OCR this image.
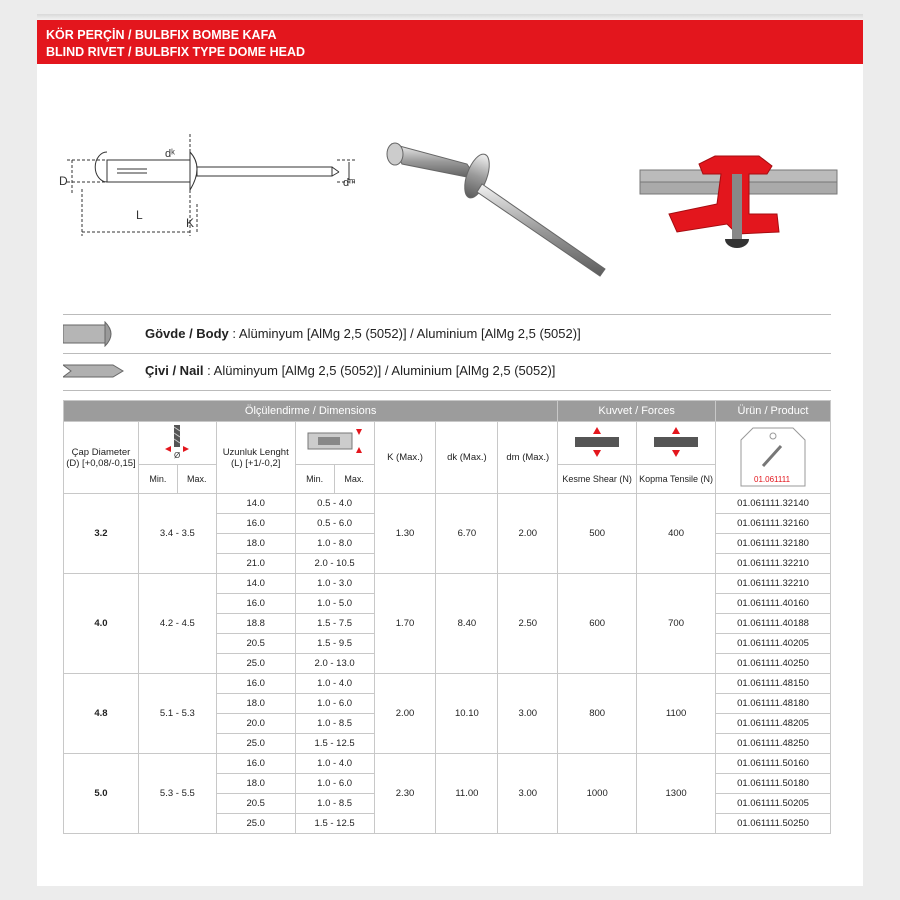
KÖR PERÇİN / BULBFIX BOMBE KAFA
BLIND RIVET / BULBFIX TYPE DOME HEAD
D
dᵏ
dᵐ
L
K
Gövde / Body : Alüminyum [AlMg 2,5 (5052)] / Aluminium [AlMg 2,5 (5052)]
Çivi / Nail : Alüminyum [AlMg 2,5 (5052)] / Aluminium [AlMg 2,5 (5052)]
Ölçülendirme / Dimensions									Kuvvet / Forces		Ürün / Product
Çap Diameter (D) [+0,08/-0,15]	Ø		Uzunluk Lenght (L) [+1/-0,2]			K (Max.)	dk (Max.)	dm (Max.)			01.061111

	Min.	Max.		Min.	Max.				Kesme Shear (N)	Kopma Tensile (N)	
3.2	3.4 - 3.5		14.0	0.5 - 4.0		1.30	6.70	2.00	500	400	01.061111.32140
			16.0	0.5 - 6.0							01.061111.32160
			18.0	1.0 - 8.0							01.061111.32180
			21.0	2.0 - 10.5							01.061111.32210
4.0	4.2 - 4.5		14.0	1.0 - 3.0		1.70	8.40	2.50	600	700	01.061111.32210
			16.0	1.0 - 5.0							01.061111.40160
			18.8	1.5 - 7.5							01.061111.40188
			20.5	1.5 - 9.5							01.061111.40205
			25.0	2.0 - 13.0							01.061111.40250
4.8	5.1 - 5.3		16.0	1.0 - 4.0		2.00	10.10	3.00	800	1100	01.061111.48150
			18.0	1.0 - 6.0							01.061111.48180
			20.0	1.0 - 8.5							01.061111.48205
			25.0	1.5 - 12.5							01.061111.48250
5.0	5.3 - 5.5		16.0	1.0 - 4.0		2.30	11.00	3.00	1000	1300	01.061111.50160
			18.0	1.0 - 6.0							01.061111.50180
			20.5	1.0 - 8.5							01.061111.50205
			25.0	1.5 - 12.5							01.061111.50250
